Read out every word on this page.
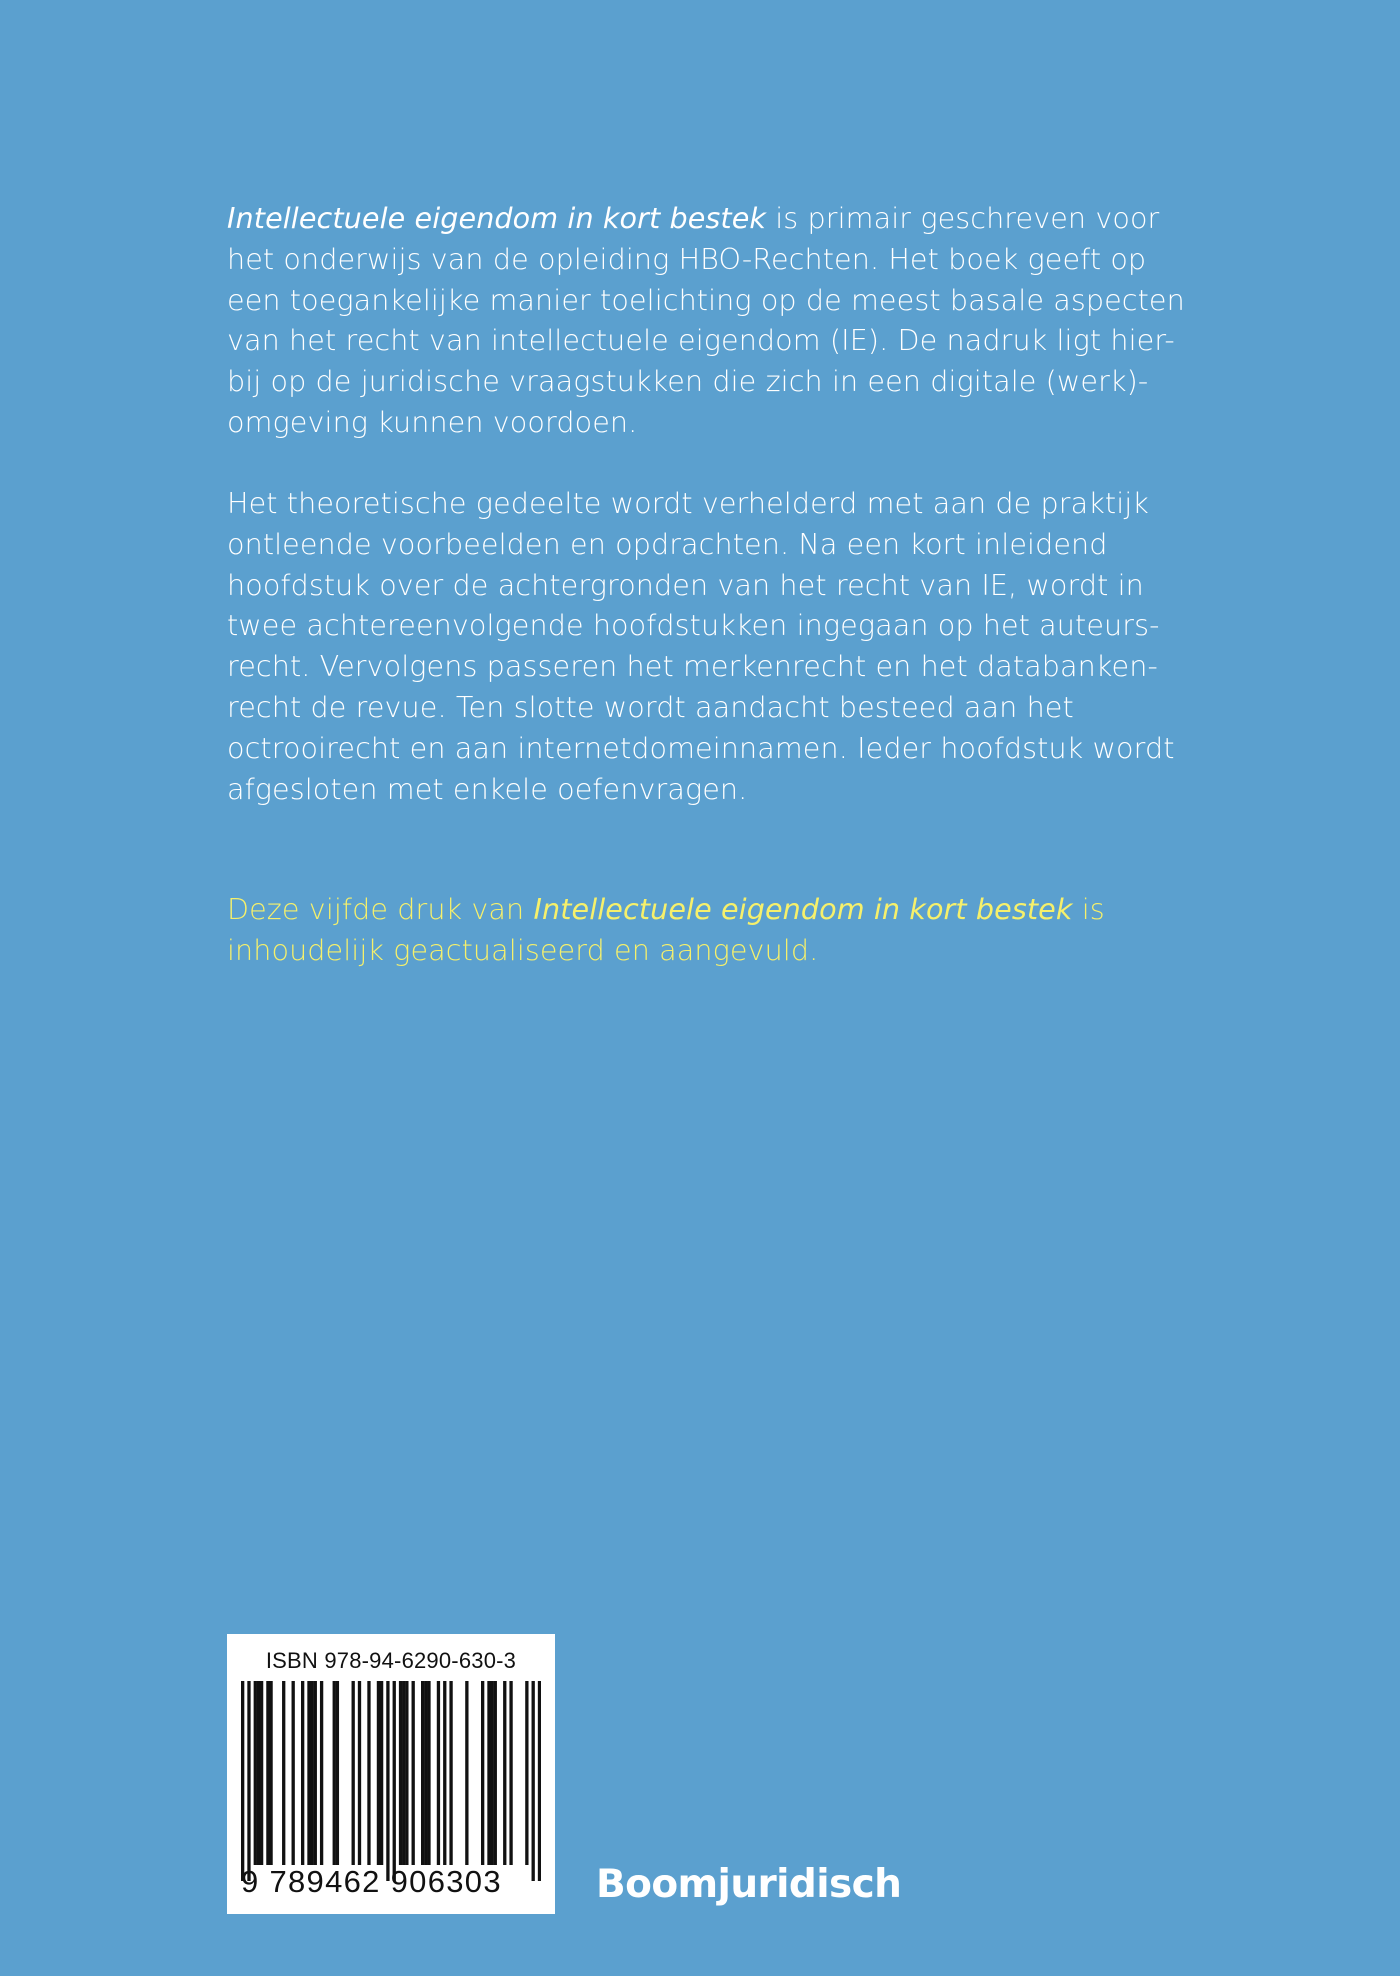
Intellectuele eigendom in kort bestek is primair geschreven voor

het onderwijs van de opleiding HBO-Rechten. Het boek geeft op

een toegankelijke manier toelichting op de meest basale aspecten

van het recht van intellectuele eigendom (IE). De nadruk ligt hier-

bij op de juridische vraagstukken die zich in een digitale (werk)-

omgeving kunnen voordoen.

Het theoretische gedeelte wordt verhelderd met aan de praktijk

ontleende voorbeelden en opdrachten. Na een kort inleidend

hoofdstuk over de achtergronden van het recht van IE, wordt in

twee achtereenvolgende hoofdstukken ingegaan op het auteurs-

recht. Vervolgens passeren het merkenrecht en het databanken-

recht de revue. Ten slotte wordt aandacht besteed aan het

octrooirecht en aan internetdomeinnamen. Ieder hoofdstuk wordt

afgesloten met enkele oefenvragen.

Deze vijfde druk van Intellectuele eigendom in kort bestek is

inhoudelijk geactualiseerd en aangevuld.

ISBN 978-94-6290-630-3
9 789462 906303	Boomjuridisch
